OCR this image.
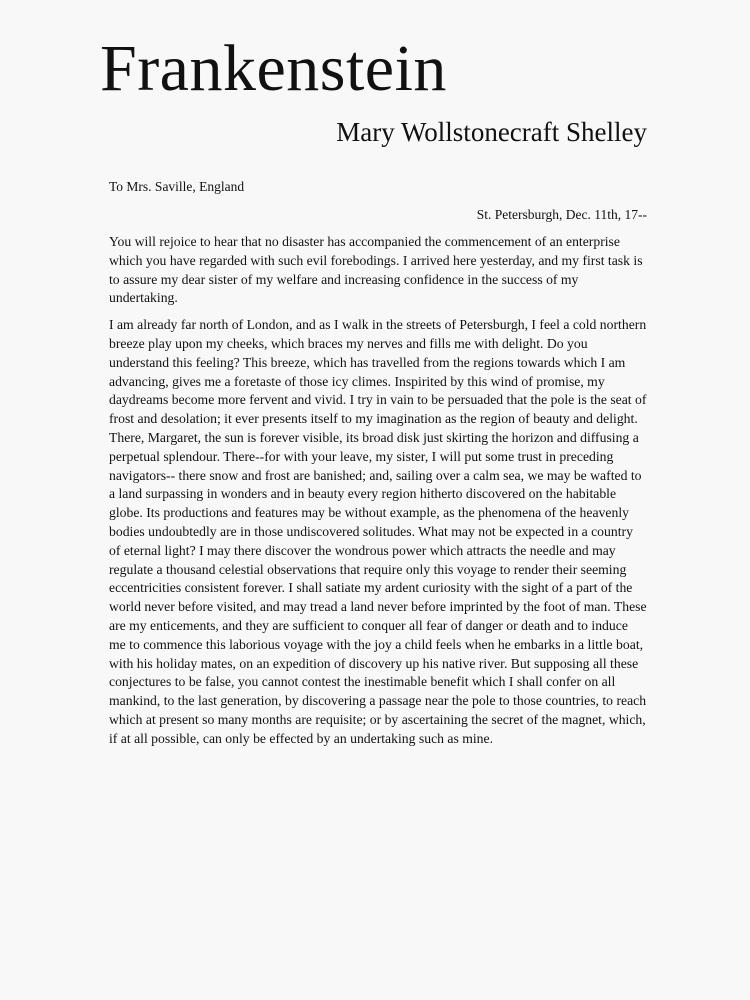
Frankenstein
Mary Wollstonecraft Shelley
To Mrs. Saville, England
St. Petersburgh, Dec. 11th, 17--

You will rejoice to hear that no disaster has accompanied the commencement of an enterprise which you have regarded with such evil forebodings. I arrived here yesterday, and my first task is to assure my dear sister of my welfare and increasing confidence in the success of my undertaking.

I am already far north of London, and as I walk in the streets of Petersburgh, I feel a cold northern breeze play upon my cheeks, which braces my nerves and fills me with delight. Do you understand this feeling? This breeze, which has travelled from the regions towards which I am advancing, gives me a foretaste of those icy climes. Inspirited by this wind of promise, my daydreams become more fervent and vivid. I try in vain to be persuaded that the pole is the seat of frost and desolation; it ever presents itself to my imagination as the region of beauty and delight. There, Margaret, the sun is forever visible, its broad disk just skirting the horizon and diffusing a perpetual splendour. There--for with your leave, my sister, I will put some trust in preceding navigators-- there snow and frost are banished; and, sailing over a calm sea, we may be wafted to a land surpassing in wonders and in beauty every region hitherto discovered on the habitable globe. Its productions and features may be without example, as the phenomena of the heavenly bodies undoubtedly are in those undiscovered solitudes. What may not be expected in a country of eternal light? I may there discover the wondrous power which attracts the needle and may regulate a thousand celestial observations that require only this voyage to render their seeming eccentricities consistent forever. I shall satiate my ardent curiosity with the sight of a part of the world never before visited, and may tread a land never before imprinted by the foot of man. These are my enticements, and they are sufficient to conquer all fear of danger or death and to induce me to commence this laborious voyage with the joy a child feels when he embarks in a little boat, with his holiday mates, on an expedition of discovery up his native river. But supposing all these conjectures to be false, you cannot contest the inestimable benefit which I shall confer on all mankind, to the last generation, by discovering a passage near the pole to those countries, to reach which at present so many months are requisite; or by ascertaining the secret of the magnet, which, if at all possible, can only be effected by an undertaking such as mine.
